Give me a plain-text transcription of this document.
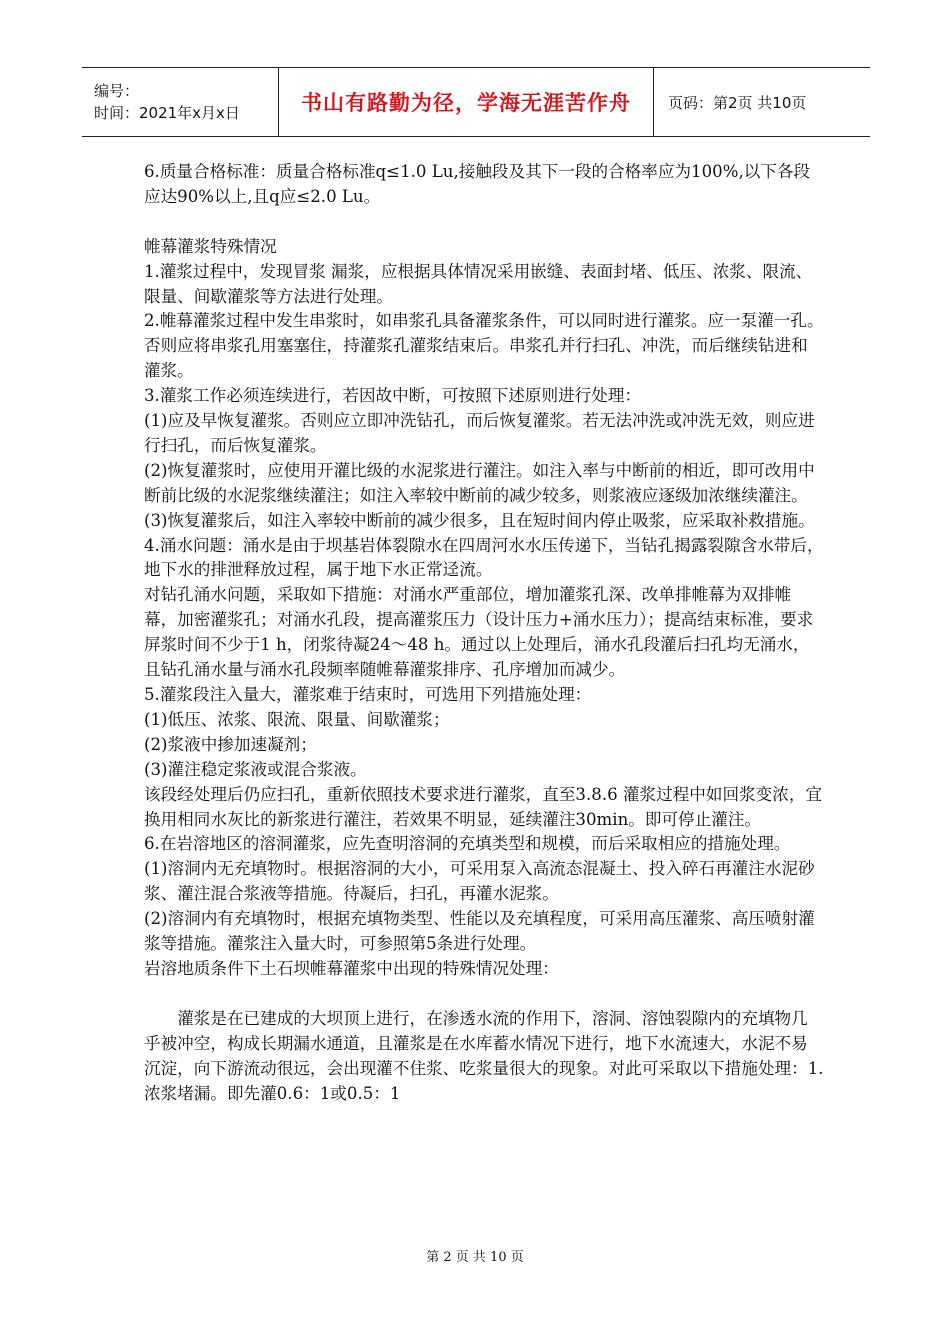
编号：
时间：2021年x月x日	书山有路勤为径，学海无涯苦作舟 页码：第2页 共10页

6.质量合格标准：质量合格标准q≤1.0 Lu,接触段及其下一段的合格率应为100%,以下各段应达90%以上,且q应≤2.0 Lu。

帷幕灌浆特殊情况

1.灌浆过程中，发现冒浆 漏浆，应根据具体情况采用嵌缝、表面封堵、低压、浓浆、限流、限量、间歇灌浆等方法进行处理。

2.帷幕灌浆过程中发生串浆时，如串浆孔具备灌浆条件，可以同时进行灌浆。应一泵灌一孔。否则应将串浆孔用塞塞住，持灌浆孔灌浆结束后。串浆孔并行扫孔、冲洗，而后继续钻进和灌浆。

3.灌浆工作必须连续进行，若因故中断，可按照下述原则进行处理：

(1)应及早恢复灌浆。否则应立即冲洗钻孔，而后恢复灌浆。若无法冲洗或冲洗无效，则应进行扫孔，而后恢复灌浆。

(2)恢复灌浆时，应使用开灌比级的水泥浆进行灌注。如注入率与中断前的相近，即可改用中断前比级的水泥浆继续灌注；如注入率较中断前的减少较多，则浆液应逐级加浓继续灌注。

(3)恢复灌浆后，如注入率较中断前的减少很多，且在短时间内停止吸浆，应采取补救措施。

4.涌水问题：涌水是由于坝基岩体裂隙水在四周河水水压传递下，当钻孔揭露裂隙含水带后，地下水的排泄释放过程，属于地下水正常迳流。

对钻孔涌水问题，采取如下措施：对涌水严重部位，增加灌浆孔深、改单排帷幕为双排帷幕，加密灌浆孔；对涌水孔段，提高灌浆压力（设计压力+涌水压力）；提高结束标准，要求屏浆时间不少于1 h，闭浆待凝24～48 h。通过以上处理后，涌水孔段灌后扫孔均无涌水，且钻孔涌水量与涌水孔段频率随帷幕灌浆排序、孔序增加而减少。

5.灌浆段注入量大，灌浆难于结束时，可选用下列措施处理：

(1)低压、浓浆、限流、限量、间歇灌浆；

(2)浆液中掺加速凝剂；

(3)灌注稳定浆液或混合浆液。

该段经处理后仍应扫孔，重新依照技术要求进行灌浆，直至3.8.6 灌浆过程中如回浆变浓，宜换用相同水灰比的新浆进行灌注，若效果不明显，延续灌注30min。即可停止灌注。

6.在岩溶地区的溶洞灌浆，应先查明溶洞的充填类型和规模，而后采取相应的措施处理。

(1)溶洞内无充填物时。根据溶洞的大小，可采用泵入高流态混凝土、投入碎石再灌注水泥砂浆、灌注混合浆液等措施。待凝后，扫孔，再灌水泥浆。

(2)溶洞内有充填物时，根据充填物类型、性能以及充填程度，可采用高压灌浆、高压喷射灌浆等措施。灌浆注入量大时，可参照第5条进行处理。

岩溶地质条件下土石坝帷幕灌浆中出现的特殊情况处理：

灌浆是在已建成的大坝顶上进行，在渗透水流的作用下，溶洞、溶蚀裂隙内的充填物几乎被冲空，构成长期漏水通道，且灌浆是在水库蓄水情况下进行，地下水流速大，水泥不易沉淀，向下游流动很远，会出现灌不住浆、吃浆量很大的现象。对此可采取以下措施处理：1.浓浆堵漏。即先灌0.6：1或0.5：1

第 2 页 共 10 页
